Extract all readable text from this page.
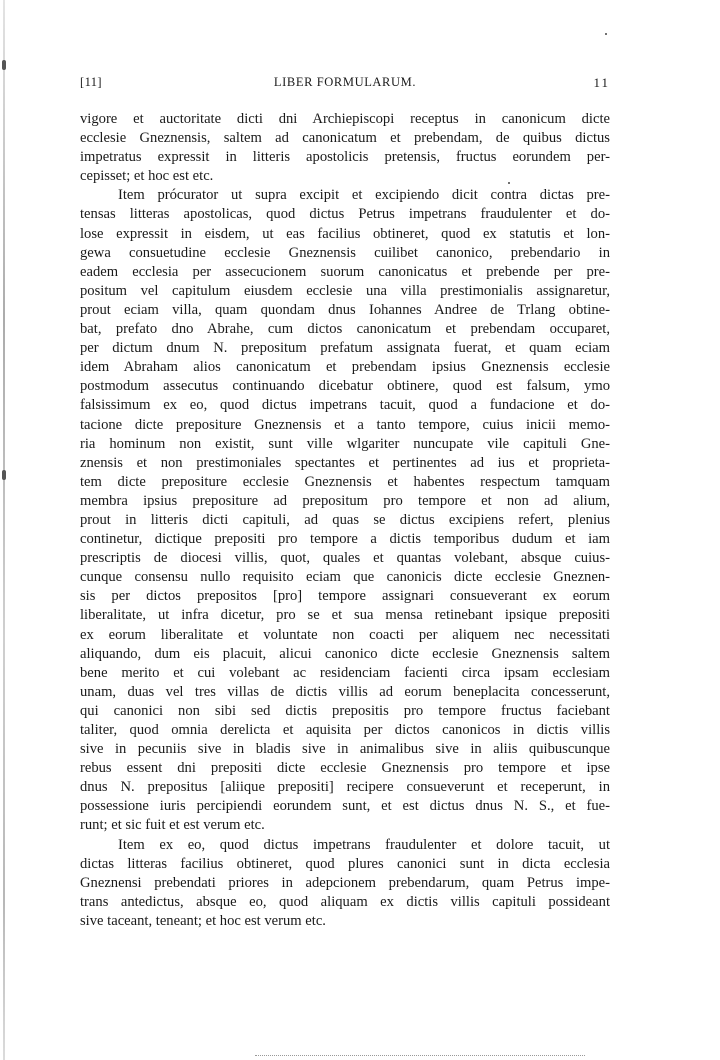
[11]	LIBER FORMULARUM.	11
vigore et auctoritate dicti dni Archiepiscopi receptus in canonicum dicte
ecclesie Gneznensis, saltem ad canonicatum et prebendam, de quibus dictus
impetratus expressit in litteris apostolicis pretensis, fructus eorundem per-
cepisset; et hoc est etc.
Item prócurator ut supra excipit et excipiendo dicit contra dictas pre-
tensas litteras apostolicas, quod dictus Petrus impetrans fraudulenter et do-
lose expressit in eisdem, ut eas facilius obtineret, quod ex statutis et lon-
gewa consuetudine ecclesie Gneznensis cuilibet canonico, prebendario in
eadem ecclesia per assecucionem suorum canonicatus et prebende per pre-
positum vel capitulum eiusdem ecclesie una villa prestimonialis assignaretur,
prout eciam villa, quam quondam dnus Iohannes Andree de Trlang obtine-
bat, prefato dno Abrahe, cum dictos canonicatum et prebendam occuparet,
per dictum dnum N. prepositum prefatum assignata fuerat, et quam eciam
idem Abraham alios canonicatum et prebendam ipsius Gneznensis ecclesie
postmodum assecutus continuando dicebatur obtinere, quod est falsum, ymo
falsissimum ex eo, quod dictus impetrans tacuit, quod a fundacione et do-
tacione dicte prepositure Gneznensis et a tanto tempore, cuius inicii memo-
ria hominum non existit, sunt ville wlgariter nuncupate vile capituli Gne-
znensis et non prestimoniales spectantes et pertinentes ad ius et proprieta-
tem dicte prepositure ecclesie Gneznensis et habentes respectum tamquam
membra ipsius prepositure ad prepositum pro tempore et non ad alium,
prout in litteris dicti capituli, ad quas se dictus excipiens refert, plenius
continetur, dictique prepositi pro tempore a dictis temporibus dudum et iam
prescriptis de diocesi villis, quot, quales et quantas volebant, absque cuius-
cunque consensu nullo requisito eciam que canonicis dicte ecclesie Gneznen-
sis per dictos prepositos [pro] tempore assignari consueverant ex eorum
liberalitate, ut infra dicetur, pro se et sua mensa retinebant ipsique prepositi
ex eorum liberalitate et voluntate non coacti per aliquem nec necessitati
aliquando, dum eis placuit, alicui canonico dicte ecclesie Gneznensis saltem
bene merito et cui volebant ac residenciam facienti circa ipsam ecclesiam
unam, duas vel tres villas de dictis villis ad eorum beneplacita concesserunt,
qui canonici non sibi sed dictis prepositis pro tempore fructus faciebant
taliter, quod omnia derelicta et aquisita per dictos canonicos in dictis villis
sive in pecuniis sive in bladis sive in animalibus sive in aliis quibuscunque
rebus essent dni prepositi dicte ecclesie Gneznensis pro tempore et ipse
dnus N. prepositus [aliique prepositi] recipere consueverunt et receperunt, in
possessione iuris percipiendi eorundem sunt, et est dictus dnus N. S., et fue-
runt; et sic fuit et est verum etc.
Item ex eo, quod dictus impetrans fraudulenter et dolore tacuit, ut
dictas litteras facilius obtineret, quod plures canonici sunt in dicta ecclesia
Gneznensi prebendati priores in adepcionem prebendarum, quam Petrus impe-
trans antedictus, absque eo, quod aliquam ex dictis villis capituli possideant
sive taceant, teneant; et hoc est verum etc.
